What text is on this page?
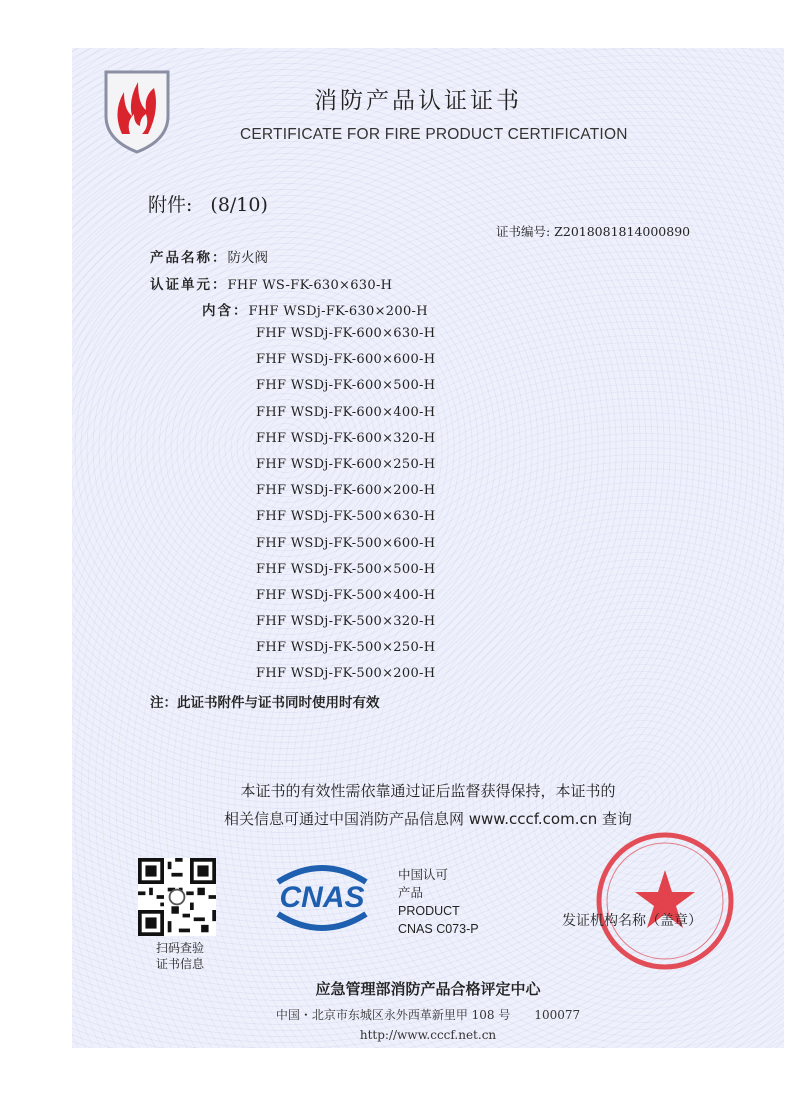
消防产品认证证书
CERTIFICATE FOR FIRE PRODUCT CERTIFICATION
附件: (8/10)
证书编号: Z2018081814000890
产品名称：防火阀
认证单元：FHF WS-FK-630×630-H
内含：FHF WSDj-FK-630×200-H
FHF WSDj-FK-600×630-H
FHF WSDj-FK-600×600-H
FHF WSDj-FK-600×500-H
FHF WSDj-FK-600×400-H
FHF WSDj-FK-600×320-H
FHF WSDj-FK-600×250-H
FHF WSDj-FK-600×200-H
FHF WSDj-FK-500×630-H
FHF WSDj-FK-500×600-H
FHF WSDj-FK-500×500-H
FHF WSDj-FK-500×400-H
FHF WSDj-FK-500×320-H
FHF WSDj-FK-500×250-H
FHF WSDj-FK-500×200-H
注：此证书附件与证书同时使用时有效
本证书的有效性需依靠通过证后监督获得保持，本证书的
相关信息可通过中国消防产品信息网 www.cccf.com.cn 查询
扫码查验
证书信息
CNAS
中国认可
产品
PRODUCT
CNAS C073-P	发证机构名称（盖章）
应急管理部消防产品合格评定中心
中国・北京市东城区永外西革新里甲 108 号　　100077
http://www.cccf.net.cn
